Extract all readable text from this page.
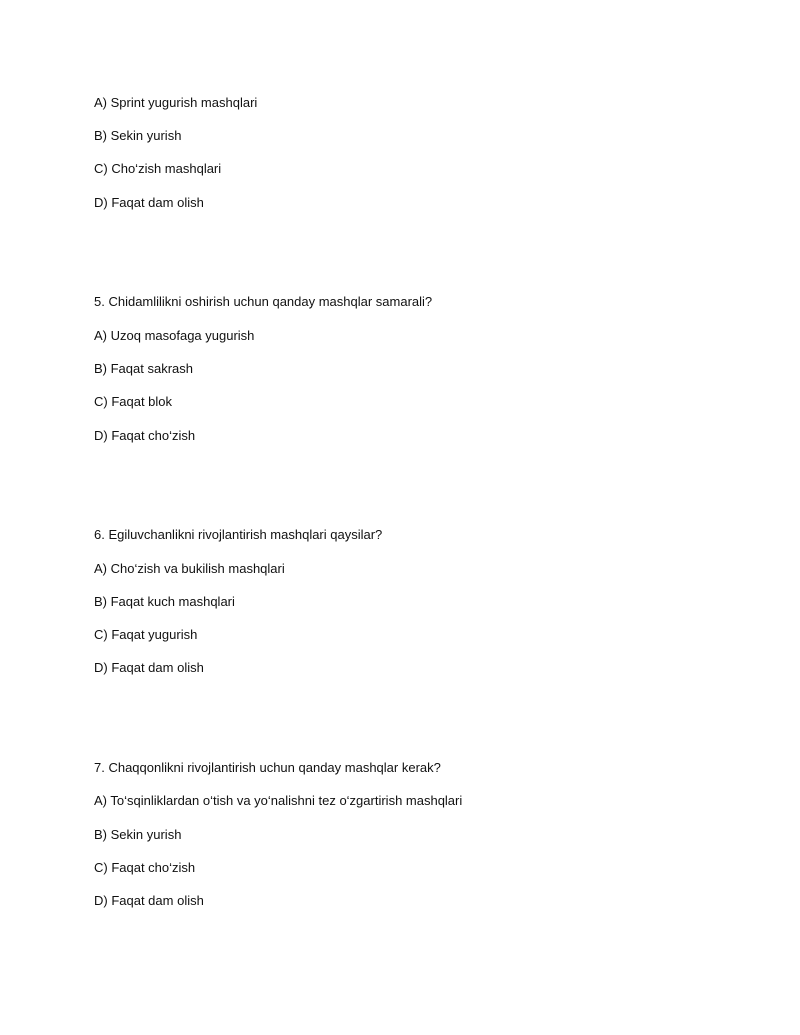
A) Sprint yugurish mashqlari

B) Sekin yurish

C) Cho‘zish mashqlari

D) Faqat dam olish

5. Chidamlilikni oshirish uchun qanday mashqlar samarali?

A) Uzoq masofaga yugurish

B) Faqat sakrash

C) Faqat blok

D) Faqat cho‘zish

6. Egiluvchanlikni rivojlantirish mashqlari qaysilar?

A) Cho‘zish va bukilish mashqlari

B) Faqat kuch mashqlari

C) Faqat yugurish

D) Faqat dam olish

7. Chaqqonlikni rivojlantirish uchun qanday mashqlar kerak?

A) To‘sqinliklardan o‘tish va yo‘nalishni tez o‘zgartirish mashqlari

B) Sekin yurish

C) Faqat cho‘zish

D) Faqat dam olish
